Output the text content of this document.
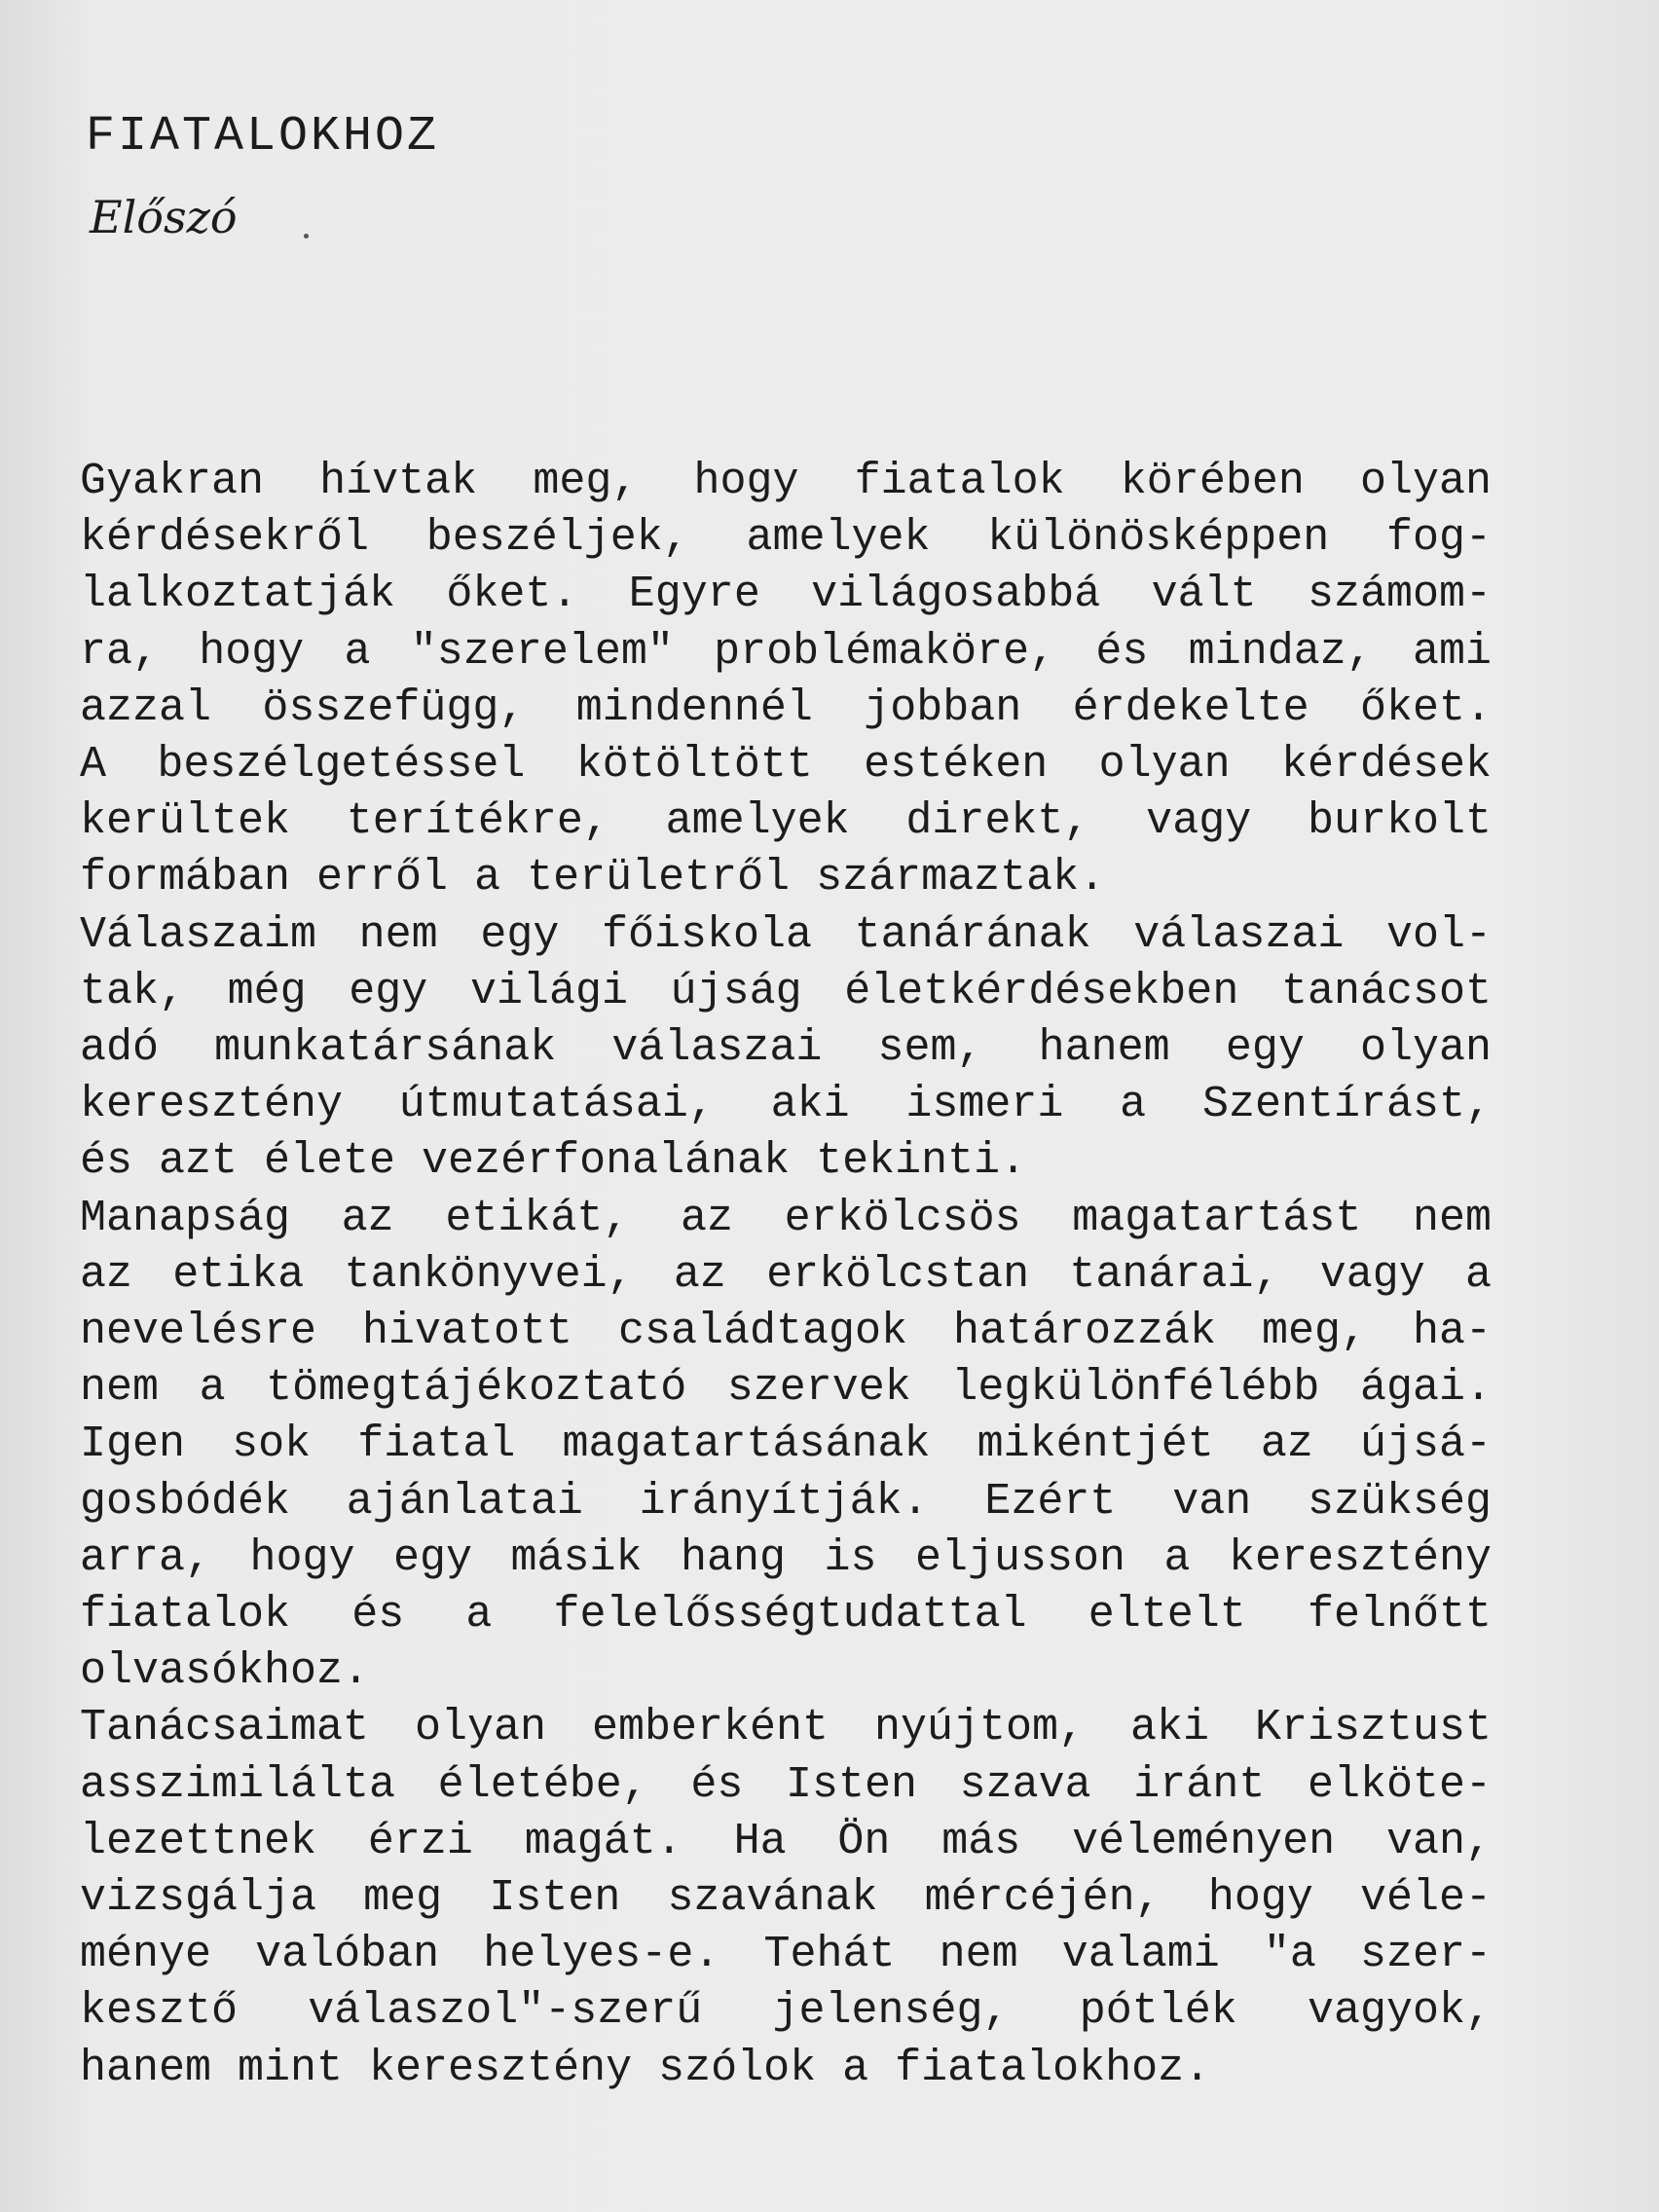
FIATALOKHOZ
Előszó
Gyakran hívtak meg, hogy fiatalok körében olyan
kérdésekről beszéljek, amelyek különösképpen fog-
lalkoztatják őket. Egyre világosabbá vált számom-
ra, hogy a "szerelem" problémaköre, és mindaz, ami
azzal összefügg, mindennél jobban érdekelte őket.
A beszélgetéssel kötöltött estéken olyan kérdések
kerültek terítékre, amelyek direkt, vagy burkolt
formában erről a területről származtak.
Válaszaim nem egy főiskola tanárának válaszai vol-
tak, még egy világi újság életkérdésekben tanácsot
adó munkatársának válaszai sem, hanem egy olyan
keresztény útmutatásai, aki ismeri a Szentírást,
és azt élete vezérfonalának tekinti.
Manapság az etikát, az erkölcsös magatartást nem
az etika tankönyvei, az erkölcstan tanárai, vagy a
nevelésre hivatott családtagok határozzák meg, ha-
nem a tömegtájékoztató szervek legkülönfélébb ágai.
Igen sok fiatal magatartásának mikéntjét az újsá-
gosbódék ajánlatai irányítják. Ezért van szükség
arra, hogy egy másik hang is eljusson a keresztény
fiatalok és a felelősségtudattal eltelt felnőtt
olvasókhoz.
Tanácsaimat olyan emberként nyújtom, aki Krisztust
asszimilálta életébe, és Isten szava iránt elköte-
lezettnek érzi magát. Ha Ön más véleményen van,
vizsgálja meg Isten szavának mércéjén, hogy véle-
ménye valóban helyes-e. Tehát nem valami "a szer-
kesztő válaszol"-szerű jelenség, pótlék vagyok,
hanem mint keresztény szólok a fiatalokhoz.
